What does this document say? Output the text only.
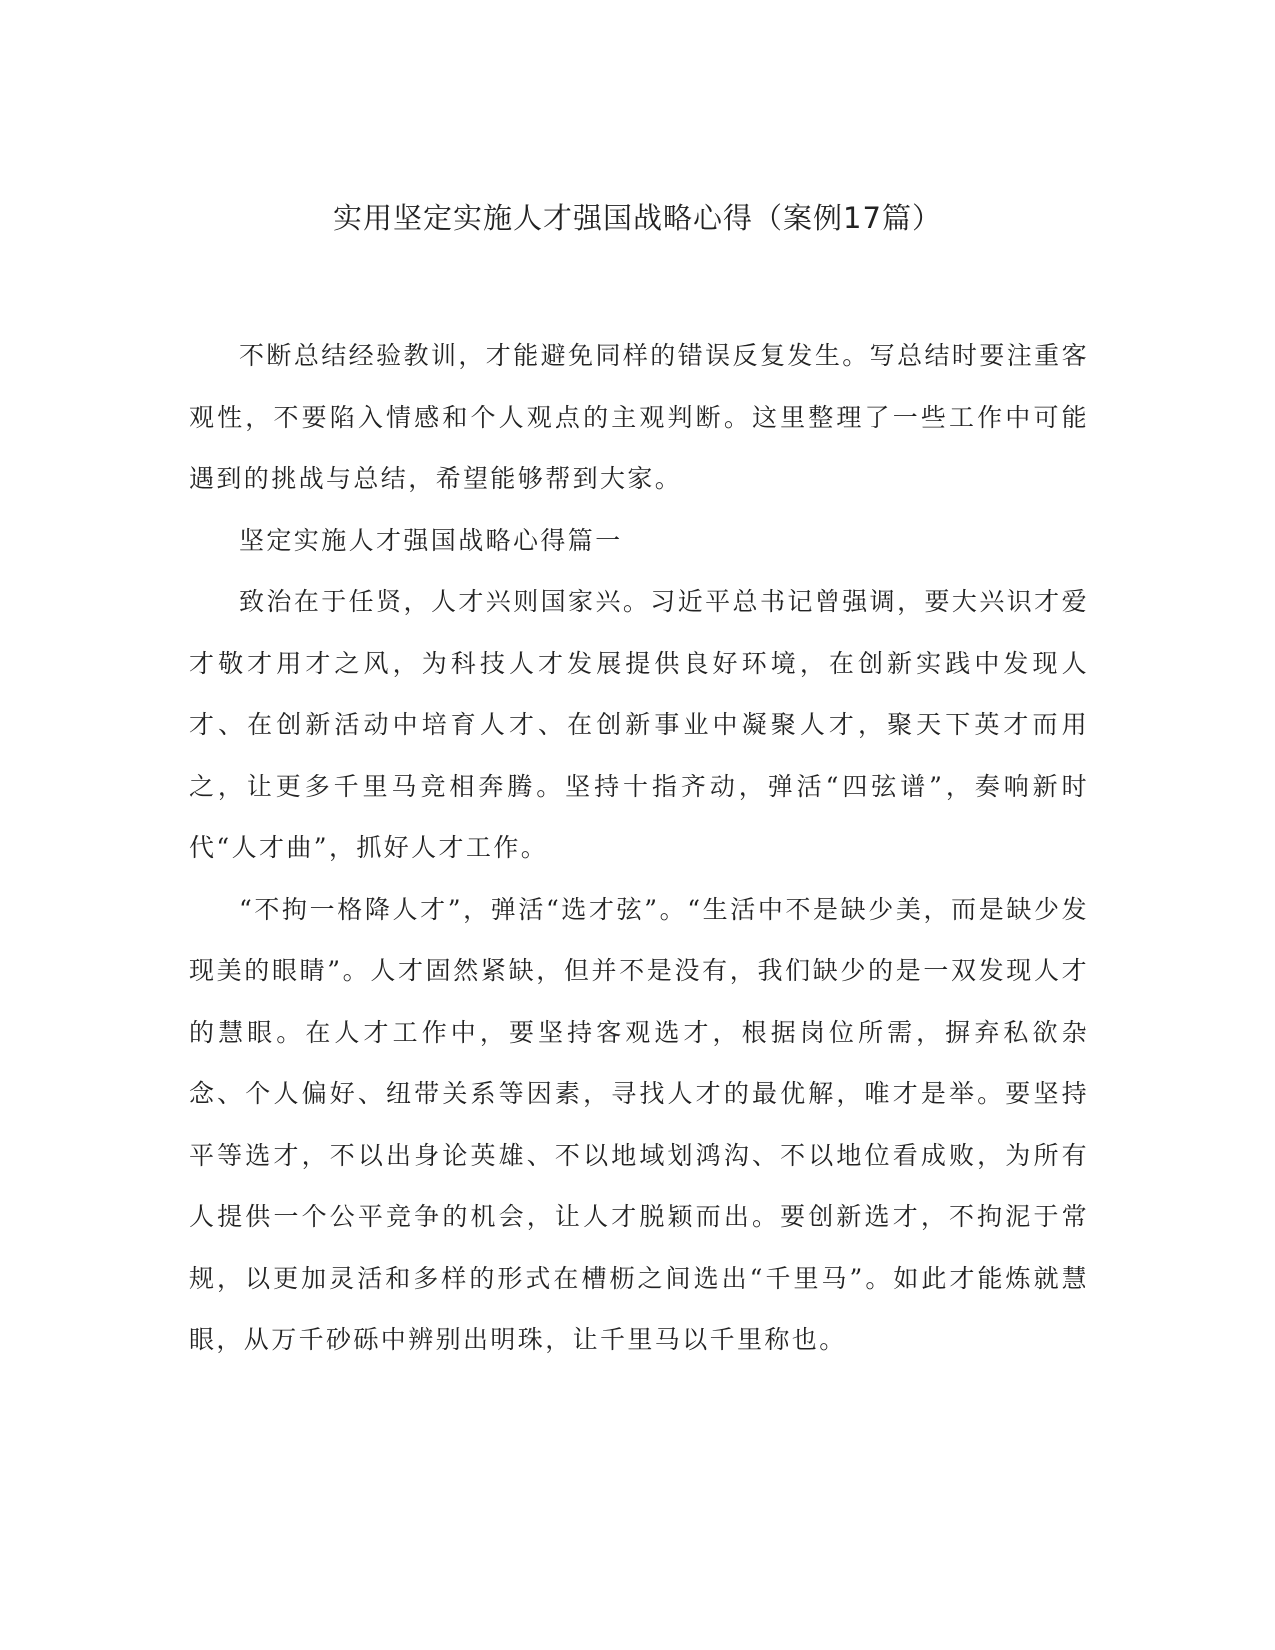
实用坚定实施人才强国战略心得（案例17篇）

不断总结经验教训，才能避免同样的错误反复发生。写总结时要注重客观性，不要陷入情感和个人观点的主观判断。这里整理了一些工作中可能遇到的挑战与总结，希望能够帮到大家。

坚定实施人才强国战略心得篇一

致治在于任贤，人才兴则国家兴。习近平总书记曾强调，要大兴识才爱才敬才用才之风，为科技人才发展提供良好环境，在创新实践中发现人才、在创新活动中培育人才、在创新事业中凝聚人才，聚天下英才而用之，让更多千里马竞相奔腾。坚持十指齐动，弹活“四弦谱”，奏响新时代“人才曲”，抓好人才工作。

“不拘一格降人才”，弹活“选才弦”。“生活中不是缺少美，而是缺少发现美的眼睛”。人才固然紧缺，但并不是没有，我们缺少的是一双发现人才的慧眼。在人才工作中，要坚持客观选才，根据岗位所需，摒弃私欲杂念、个人偏好、纽带关系等因素，寻找人才的最优解，唯才是举。要坚持平等选才，不以出身论英雄、不以地域划鸿沟、不以地位看成败，为所有人提供一个公平竞争的机会，让人才脱颖而出。要创新选才，不拘泥于常规，以更加灵活和多样的形式在槽枥之间选出“千里马”。如此才能炼就慧眼，从万千砂砾中辨别出明珠，让千里马以千里称也。
